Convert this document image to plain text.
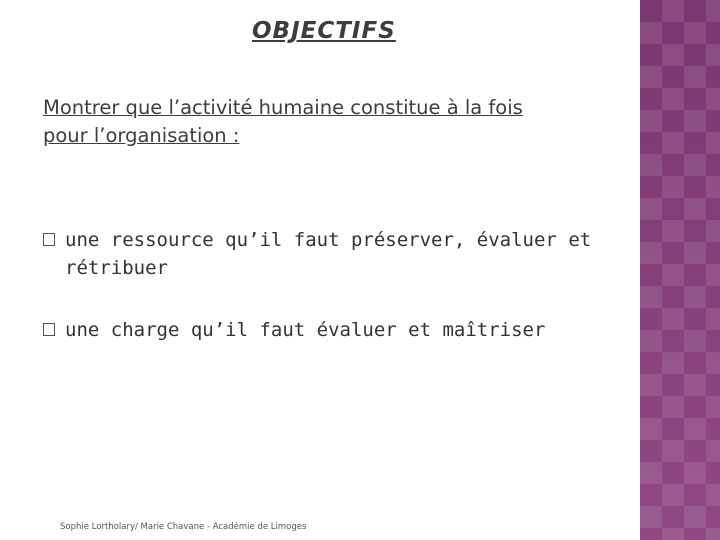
OBJECTIFS

Montrer que l’activité humaine constitue à la fois
pour l’organisation :

une ressource qu’il faut préserver, évaluer et
rétribuer
une charge qu’il faut évaluer et maîtriser
Sophie Lortholary/ Marie Chavane - Académie de Limoges
